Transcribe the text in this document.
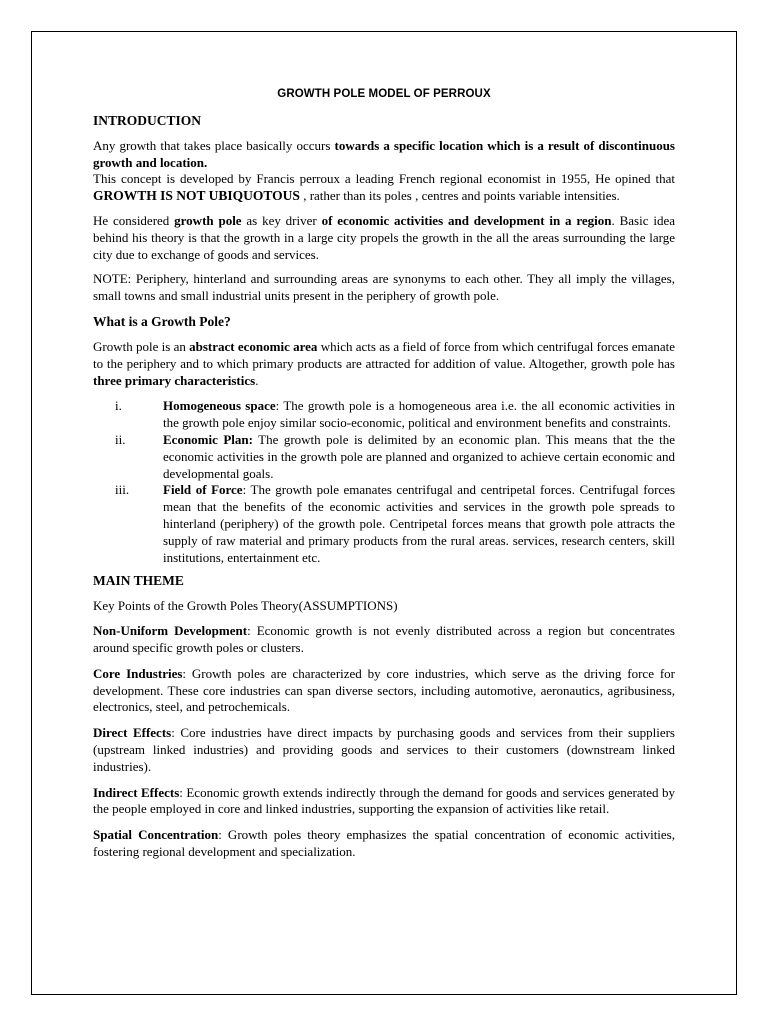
GROWTH POLE MODEL OF PERROUX
INTRODUCTION

Any growth that takes place basically occurs towards a specific location which is a result of discontinuous growth and location.

This concept is developed by Francis perroux a leading French regional economist in 1955, He opined that GROWTH IS NOT UBIQUOTOUS , rather than its poles , centres and points variable intensities.

He considered growth pole as key driver of economic activities and development in a region. Basic idea behind his theory is that the growth in a large city propels the growth in the all the areas surrounding the large city due to exchange of goods and services.

NOTE: Periphery, hinterland and surrounding areas are synonyms to each other. They all imply the villages, small towns and small industrial units present in the periphery of growth pole.

What is a Growth Pole?

Growth pole is an abstract economic area which acts as a field of force from which centrifugal forces emanate to the periphery and to which primary products are attracted for addition of value. Altogether, growth pole has three primary characteristics.

i.	Homogeneous space: The growth pole is a homogeneous area i.e. the all economic activities in the growth pole enjoy similar socio-economic, political and environment benefits and constraints.
ii.	Economic Plan: The growth pole is delimited by an economic plan. This means that the the economic activities in the growth pole are planned and organized to achieve certain economic and developmental goals.
iii.	Field of Force: The growth pole emanates centrifugal and centripetal forces. Centrifugal forces mean that the benefits of the economic activities and services in the growth pole spreads to hinterland (periphery) of the growth pole. Centripetal forces means that growth pole attracts the supply of raw material and primary products from the rural areas. services, research centers, skill institutions, entertainment etc.
MAIN THEME

Key Points of the Growth Poles Theory(ASSUMPTIONS)

Non-Uniform Development: Economic growth is not evenly distributed across a region but concentrates around specific growth poles or clusters.

Core Industries: Growth poles are characterized by core industries, which serve as the driving force for development. These core industries can span diverse sectors, including automotive, aeronautics, agribusiness, electronics, steel, and petrochemicals.

Direct Effects: Core industries have direct impacts by purchasing goods and services from their suppliers (upstream linked industries) and providing goods and services to their customers (downstream linked industries).

Indirect Effects: Economic growth extends indirectly through the demand for goods and services generated by the people employed in core and linked industries, supporting the expansion of activities like retail.

Spatial Concentration: Growth poles theory emphasizes the spatial concentration of economic activities, fostering regional development and specialization.
